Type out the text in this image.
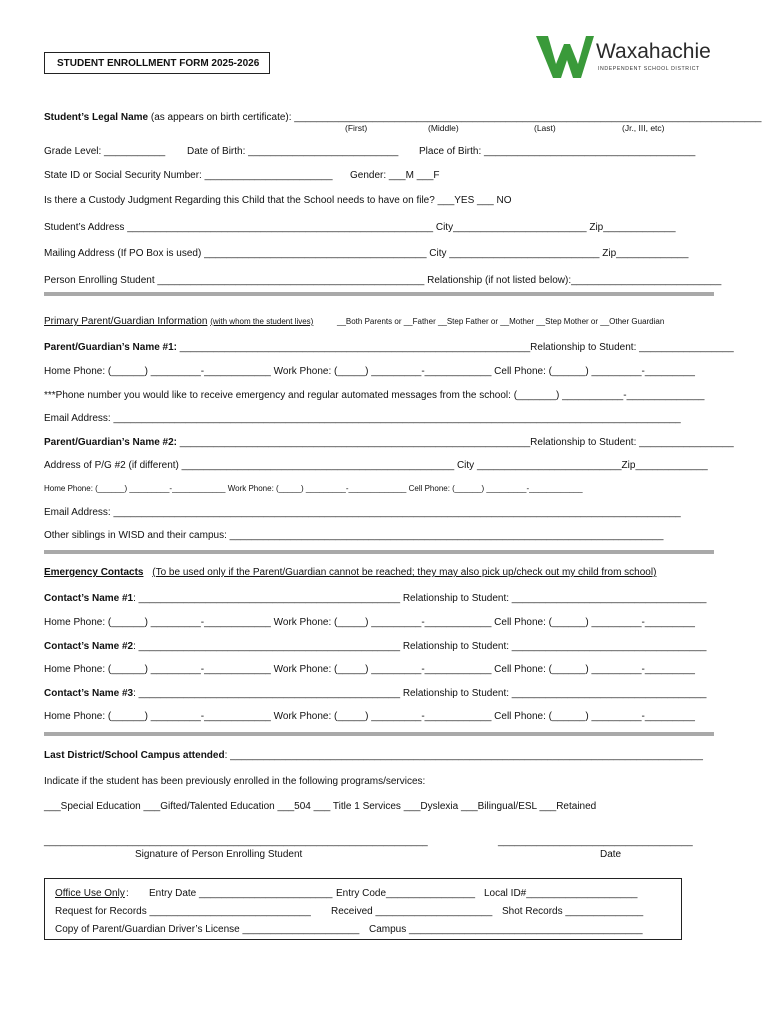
STUDENT ENROLLMENT FORM 2025-2026	Waxahachie
INDEPENDENT SCHOOL DISTRICT
Student’s Legal Name (as appears on birth certificate): ____________________________________________________________________________________
(First)	(Middle)	(Last)	(Jr., III, etc)
Grade Level: ___________ Date of Birth: ___________________________ Place of Birth: ______________________________________
State ID or Social Security Number: _______________________ Gender: ___M ___F
Is there a Custody Judgment Regarding this Child that the School needs to have on file? ___YES ___ NO
Student’s Address _______________________________________________________ City________________________ Zip_____________
Mailing Address (If PO Box is used) ________________________________________ City ___________________________ Zip_____________
Person Enrolling Student ________________________________________________ Relationship (if not listed below):___________________________
Primary Parent/Guardian Information (with whom the student lives)	__Both Parents or __Father __Step Father or __Mother __Step Mother or __Other Guardian
Parent/Guardian’s Name #1: _______________________________________________________________Relationship to Student: _________________
Home Phone: (______) _________-____________ Work Phone: (_____) _________-____________ Cell Phone: (______) _________-_________
***Phone number you would like to receive emergency and regular automated messages from the school: (_______) ___________-______________
Email Address: ______________________________________________________________________________________________________
Parent/Guardian’s Name #2: _______________________________________________________________Relationship to Student: _________________
Address of P/G #2 (if different) _________________________________________________ City __________________________Zip_____________
Home Phone: (______) _________-____________ Work Phone: (_____) _________-_____________ Cell Phone: (______) _________-____________
Email Address: ______________________________________________________________________________________________________
Other siblings in WISD and their campus: ______________________________________________________________________________
Emergency Contacts (To be used only if the Parent/Guardian cannot be reached; they may also pick up/check out my child from school)
Contact’s Name #1: _______________________________________________ Relationship to Student: ___________________________________
Home Phone: (______) _________-____________ Work Phone: (_____) _________-____________ Cell Phone: (______) _________-_________
Contact’s Name #2: _______________________________________________ Relationship to Student: ___________________________________
Home Phone: (______) _________-____________ Work Phone: (_____) _________-____________ Cell Phone: (______) _________-_________
Contact’s Name #3: _______________________________________________ Relationship to Student: ___________________________________
Home Phone: (______) _________-____________ Work Phone: (_____) _________-____________ Cell Phone: (______) _________-_________
Last District/School Campus attended: _____________________________________________________________________________________
Indicate if the student has been previously enrolled in the following programs/services:
___Special Education ___Gifted/Talented Education ___504 ___ Title 1 Services ___Dyslexia ___Bilingual/ESL ___Retained
_____________________________________________________________________
Signature of Person Enrolling Student
___________________________________
Date
Office Use Only : Entry Date ________________________ Entry Code________________ Local ID#____________________
Request for Records _____________________________ Received _____________________ Shot Records ______________
Copy of Parent/Guardian Driver’s License _____________________ Campus __________________________________________
